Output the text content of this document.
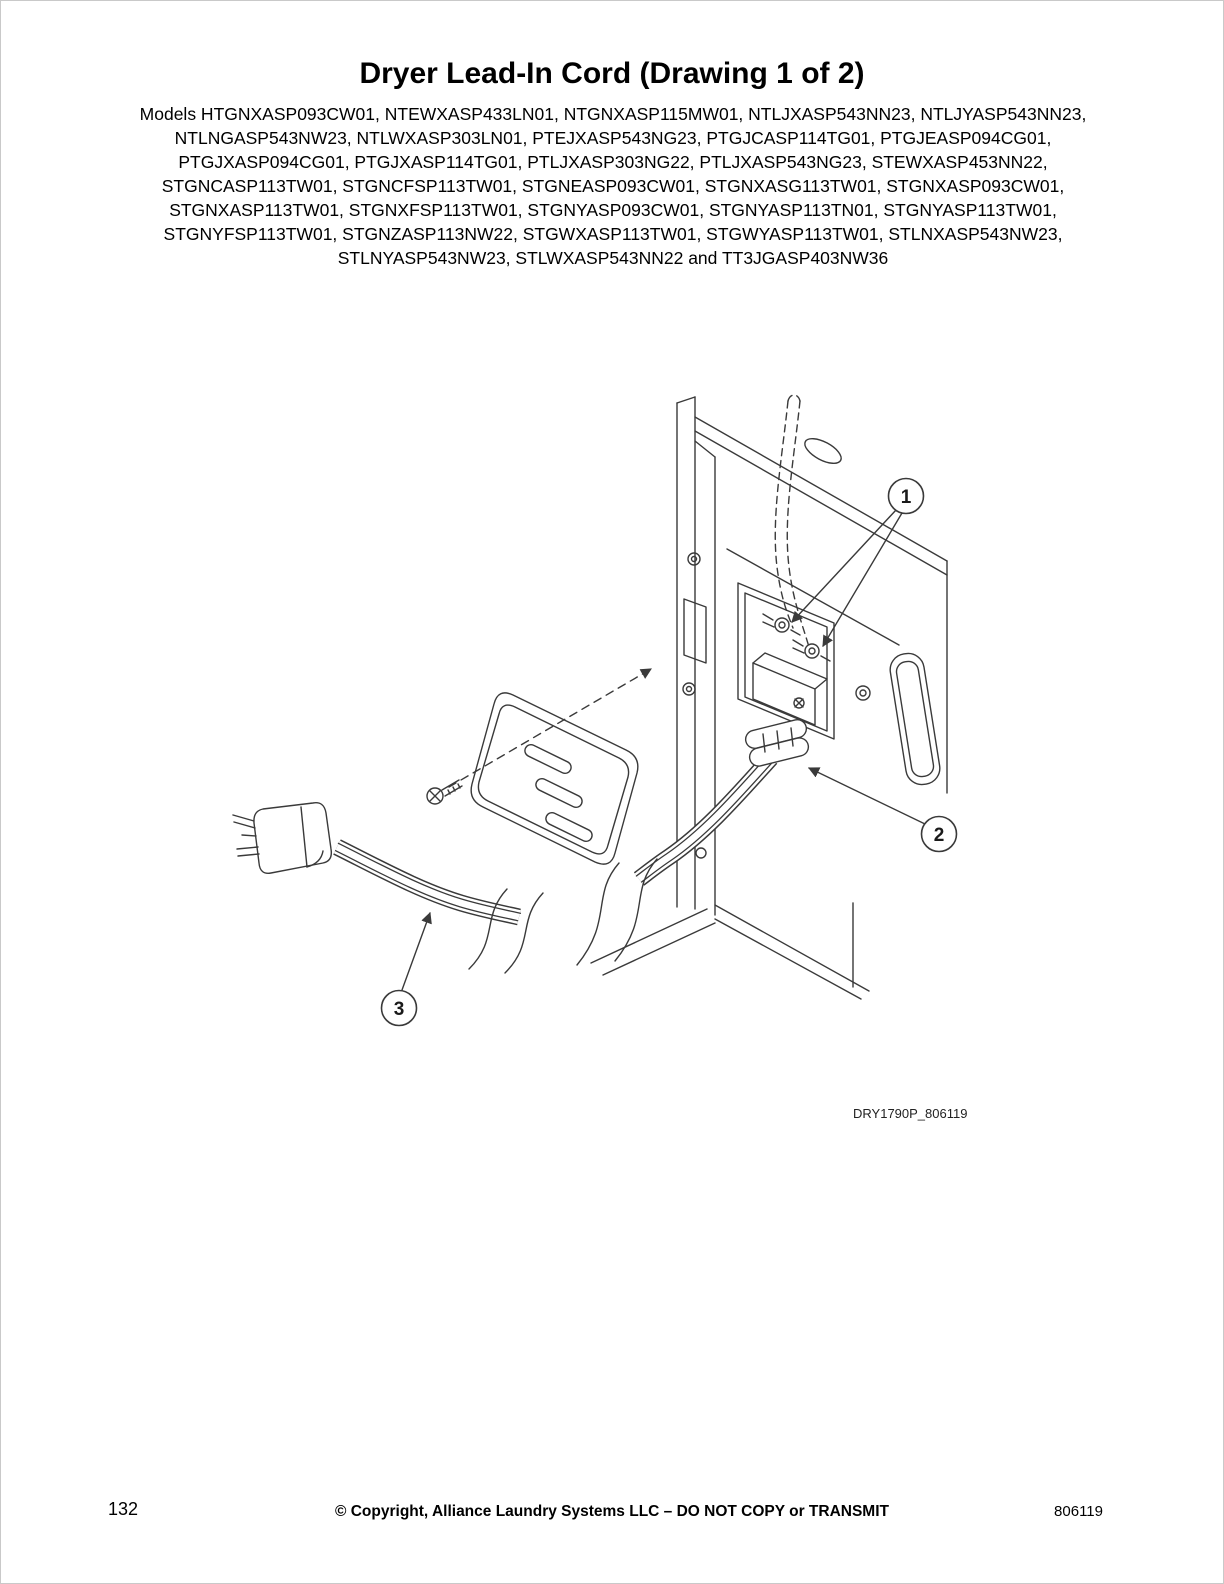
Dryer Lead-In Cord (Drawing 1 of 2)

Models HTGNXASP093CW01, NTEWXASP433LN01, NTGNXASP115MW01, NTLJXASP543NN23, NTLJYASP543NN23, NTLNGASP543NW23, NTLWXASP303LN01, PTEJXASP543NG23, PTGJCASP114TG01, PTGJEASP094CG01, PTGJXASP094CG01, PTGJXASP114TG01, PTLJXASP303NG22, PTLJXASP543NG23, STEWXASP453NN22, STGNCASP113TW01, STGNCFSP113TW01, STGNEASP093CW01, STGNXASG113TW01, STGNXASP093CW01, STGNXASP113TW01, STGNXFSP113TW01, STGNYASP093CW01, STGNYASP113TN01, STGNYASP113TW01, STGNYFSP113TW01, STGNZASP113NW22, STGWXASP113TW01, STGWYASP113TW01, STLNXASP543NW23, STLNYASP543NW23, STLWXASP543NN22 and TT3JGASP403NW36

1
2
3
DRY1790P_806119
132	© Copyright, Alliance Laundry Systems LLC – DO NOT COPY or TRANSMIT	806119
